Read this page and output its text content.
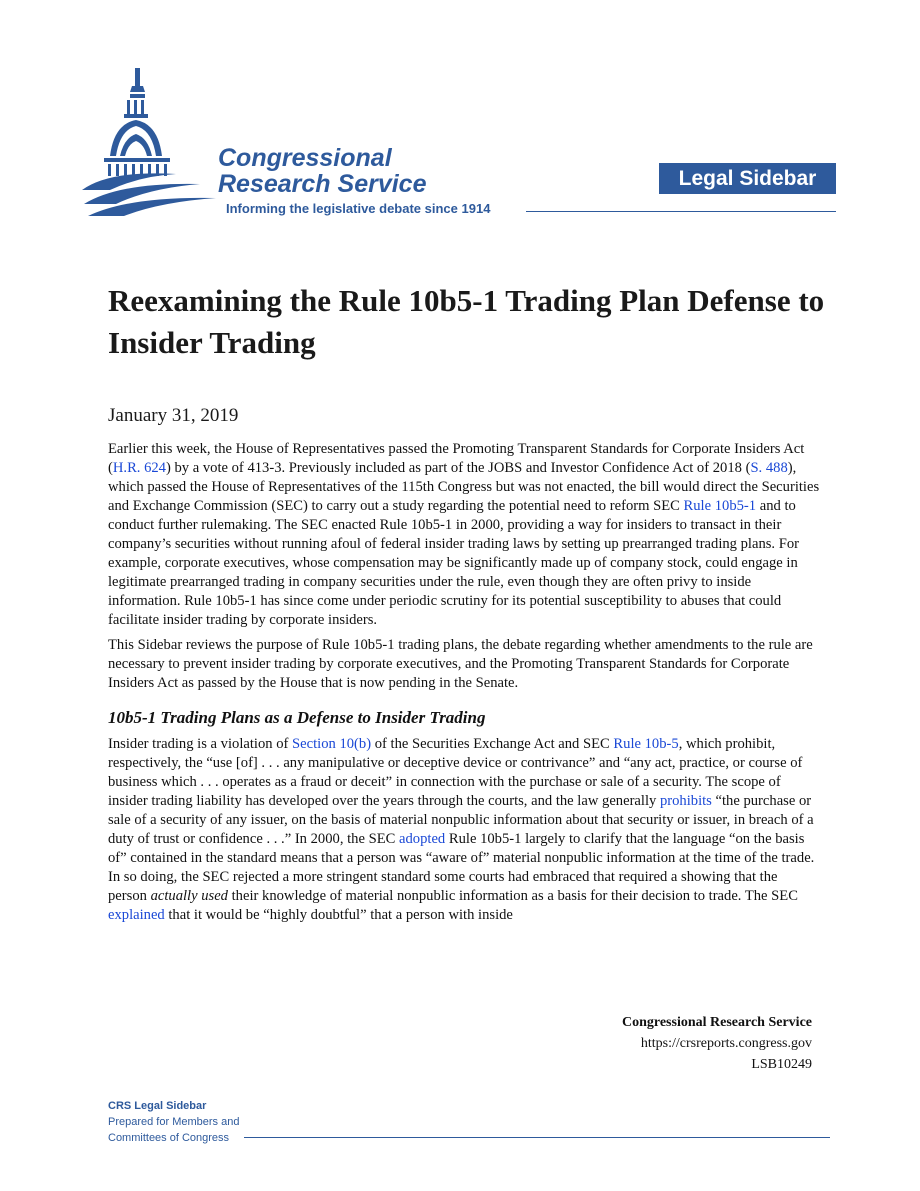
Congressional
Research Service
Informing the legislative debate since 1914
Legal Sidebar
Reexamining the Rule 10b5-1 Trading Plan Defense to Insider Trading
January 31, 2019

Earlier this week, the House of Representatives passed the Promoting Transparent Standards for Corporate Insiders Act (H.R. 624) by a vote of 413-3. Previously included as part of the JOBS and Investor Confidence Act of 2018 (S. 488), which passed the House of Representatives of the 115th Congress but was not enacted, the bill would direct the Securities and Exchange Commission (SEC) to carry out a study regarding the potential need to reform SEC Rule 10b5-1 and to conduct further rulemaking. The SEC enacted Rule 10b5-1 in 2000, providing a way for insiders to transact in their company’s securities without running afoul of federal insider trading laws by setting up prearranged trading plans. For example, corporate executives, whose compensation may be significantly made up of company stock, could engage in legitimate prearranged trading in company securities under the rule, even though they are often privy to inside information. Rule 10b5-1 has since come under periodic scrutiny for its potential susceptibility to abuses that could facilitate insider trading by corporate insiders.

This Sidebar reviews the purpose of Rule 10b5-1 trading plans, the debate regarding whether amendments to the rule are necessary to prevent insider trading by corporate executives, and the Promoting Transparent Standards for Corporate Insiders Act as passed by the House that is now pending in the Senate.

10b5-1 Trading Plans as a Defense to Insider Trading

Insider trading is a violation of Section 10(b) of the Securities Exchange Act and SEC Rule 10b-5, which prohibit, respectively, the “use [of] . . . any manipulative or deceptive device or contrivance” and “any act, practice, or course of business which . . . operates as a fraud or deceit” in connection with the purchase or sale of a security. The scope of insider trading liability has developed over the years through the courts, and the law generally prohibits “the purchase or sale of a security of any issuer, on the basis of material nonpublic information about that security or issuer, in breach of a duty of trust or confidence . . .” In 2000, the SEC adopted Rule 10b5-1 largely to clarify that the language “on the basis of” contained in the standard means that a person was “aware of” material nonpublic information at the time of the trade. In so doing, the SEC rejected a more stringent standard some courts had embraced that required a showing that the person actually used their knowledge of material nonpublic information as a basis for their decision to trade. The SEC explained that it would be “highly doubtful” that a person with inside

Congressional Research Service
https://crsreports.congress.gov
LSB10249
CRS Legal Sidebar
Prepared for Members and
Committees of Congress
